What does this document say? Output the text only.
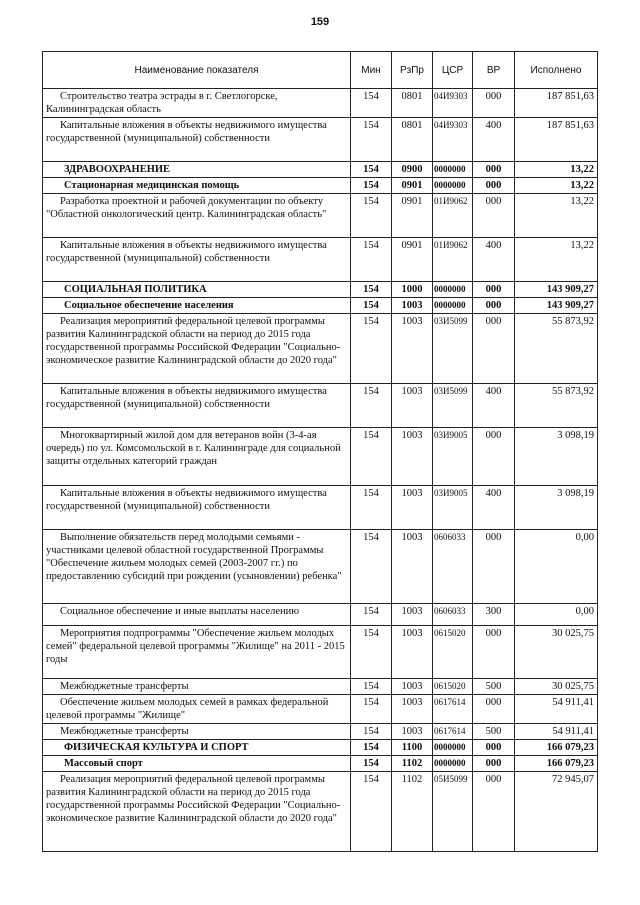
159
Наименование показателя	Мин	РзПр	ЦСР	ВР	Исполнено
Строительство театра эстрады в г. Светлогорске, Калининградская область	154	0801	04И9303	000	187 851,63
Капитальные вложения в объекты недвижимого имущества государственной (муниципальной) собственности	154	0801	04И9303	400	187 851,63
ЗДРАВООХРАНЕНИЕ	154	0900	0000000	000	13,22
Стационарная медицинская помощь	154	0901	0000000	000	13,22
Разработка проектной и рабочей документации по объекту "Областной онкологический центр. Калининградская область"	154	0901	01И9062	000	13,22
Капитальные вложения в объекты недвижимого имущества государственной (муниципальной) собственности	154	0901	01И9062	400	13,22
СОЦИАЛЬНАЯ ПОЛИТИКА	154	1000	0000000	000	143 909,27
Социальное обеспечение населения	154	1003	0000000	000	143 909,27
Реализация мероприятий федеральной целевой программы развития Калининградской области на период до 2015 года государственной программы Российской Федерации "Социально-экономическое развитие Калининградской области до 2020 года"	154	1003	03И5099	000	55 873,92
Капитальные вложения в объекты недвижимого имущества государственной (муниципальной) собственности	154	1003	03И5099	400	55 873,92
Многоквартирный жилой дом для ветеранов войн (3-4-ая очередь) по ул. Комсомольской в г. Калининграде для социальной защиты отдельных категорий граждан	154	1003	03И9005	000	3 098,19
Капитальные вложения в объекты недвижимого имущества государственной (муниципальной) собственности	154	1003	03И9005	400	3 098,19
Выполнение обязательств перед молодыми семьями - участниками целевой областной государственной Программы "Обеспечение жильем молодых семей (2003-2007 гг.) по предоставлению субсидий при рождении (усыновлении) ребенка"	154	1003	0606033	000	0,00
Социальное обеспечение и иные выплаты населению	154	1003	0606033	300	0,00
Мероприятия подпрограммы "Обеспечение жильем молодых семей" федеральной целевой программы "Жилище" на 2011 - 2015 годы	154	1003	0615020	000	30 025,75
Межбюджетные трансферты	154	1003	0615020	500	30 025,75
Обеспечение жильем молодых семей в рамках федеральной целевой программы "Жилище"	154	1003	0617614	000	54 911,41
Межбюджетные трансферты	154	1003	0617614	500	54 911,41
ФИЗИЧЕСКАЯ КУЛЬТУРА И СПОРТ	154	1100	0000000	000	166 079,23
Массовый спорт	154	1102	0000000	000	166 079,23
Реализация мероприятий федеральной целевой программы развития Калининградской области на период до 2015 года государственной программы Российской Федерации "Социально-экономическое развитие Калининградской области до 2020 года"	154	1102	05И5099	000	72 945,07
